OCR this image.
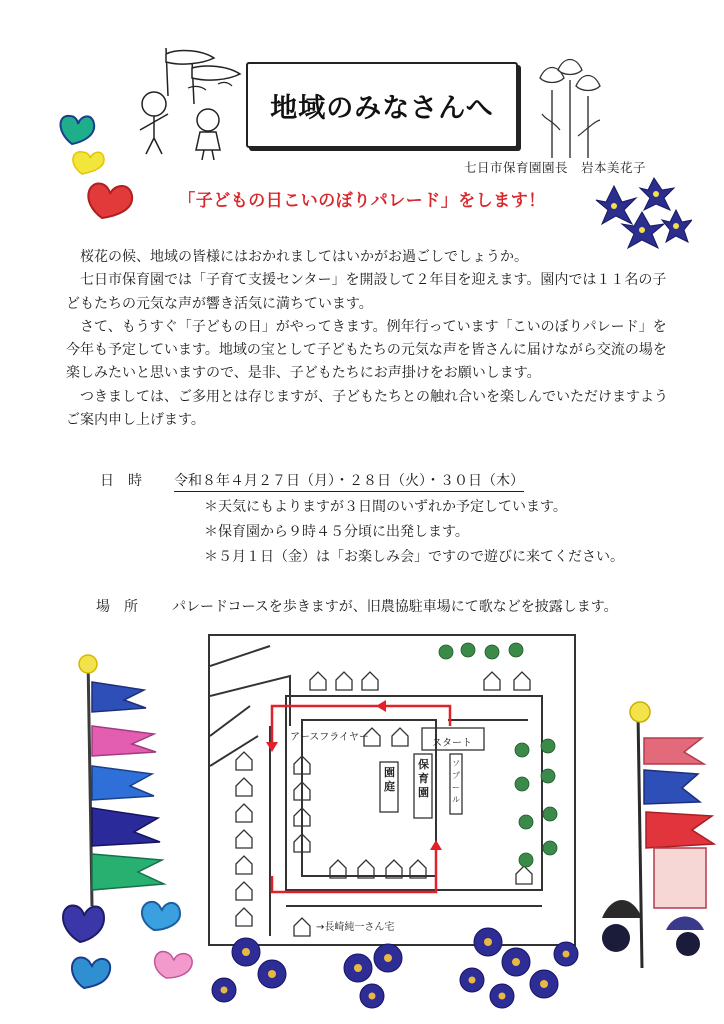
地域のみなさんへ
七日市保育園園長　岩本美花子
「子どもの日こいのぼりパレード」をします！

桜花の候、地域の皆様にはおかれましてはいかがお過ごしでしょうか。

七日市保育園では「子育て支援センター」を開設して２年目を迎えます。園内では１１名の子どもたちの元気な声が響き活気に満ちています。

さて、もうすぐ「子どもの日」がやってきます。例年行っています「こいのぼりパレード」を今年も予定しています。地域の宝として子どもたちの元気な声を皆さんに届けながら交流の場を楽しみたいと思いますので、是非、子どもたちにお声掛けをお願いします。

つきましては、ご多用とは存じますが、子どもたちとの触れ合いを楽しんでいただけますようご案内申し上げます。

日　時 令和８年４月２７日（月）・２８日（火）・３０日（木）
＊天気にもよりますが３日間のいずれか予定しています。
＊保育園から９時４５分頃に出発します。
＊５月１日（金）は「お楽しみ会」ですので遊びに来てください。
場　所 パレードコースを歩きますが、旧農協駐車場にて歌などを披露します。
アースフライヤー
スタート
園庭
保育園
ソプール
→長崎純一さん宅
